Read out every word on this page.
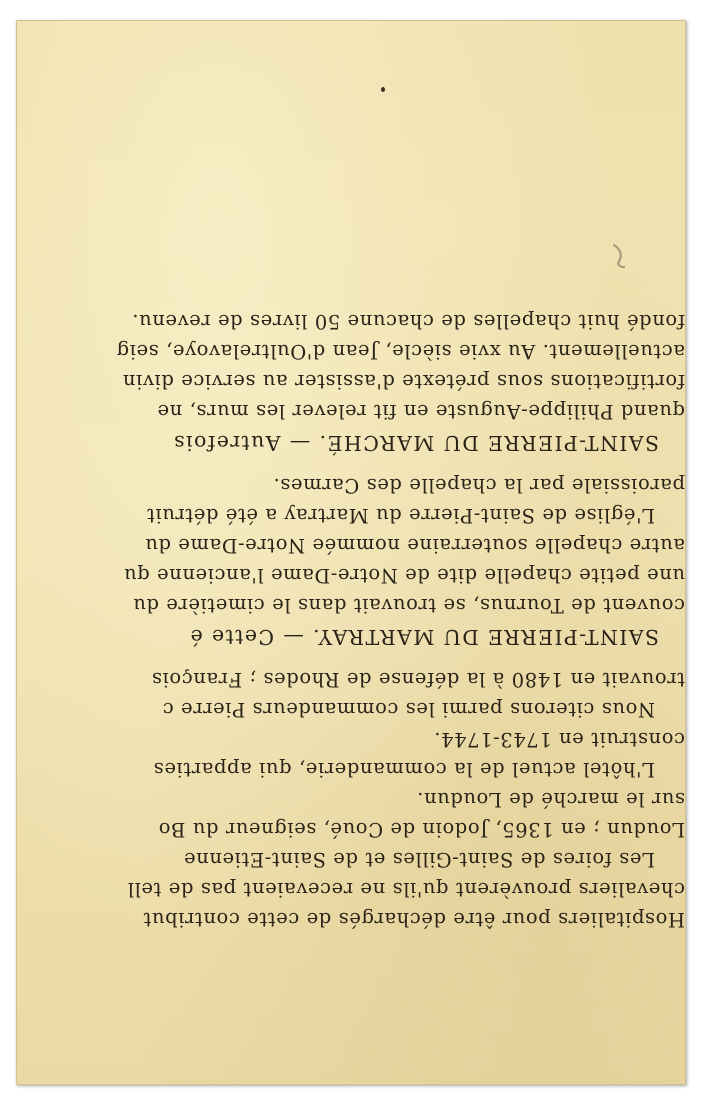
Hospitaliers pour être déchargés de cette contribut
chevaliers prouvèrent qu'ils ne recevaient pas de tell
Les foires de Saint-Gilles et de Saint-Etienne
Loudun ; en 1365, Jodoin de Coué, seigneur du Bo
sur le marché de Loudun.
L'hôtel actuel de la commanderie, qui apparties
construit en 1743-1744.
Nous citerons parmi les commandeurs Pierre c
trouvait en 1480 à la défense de Rhodes ; François
SAINT-PIERRE DU MARTRAY. — Cette é
couvent de Tournus, se trouvait dans le cimetière du
une petite chapelle dite de Notre-Dame l'ancienne qu
autre chapelle souterraine nommée Notre-Dame du
L'église de Saint-Pierre du Martray a été détruit
paroissiale par la chapelle des Carmes.
SAINT-PIERRE DU MARCHÉ. — Autrefois
quand Philippe-Auguste en fit relever les murs, ne
fortifications sous prétexte d'assister au service divin
actuellement. Au xvie siècle, Jean d'Oultrelavoye, seig
fondé huit chapelles de chacune 50 livres de revenu.
